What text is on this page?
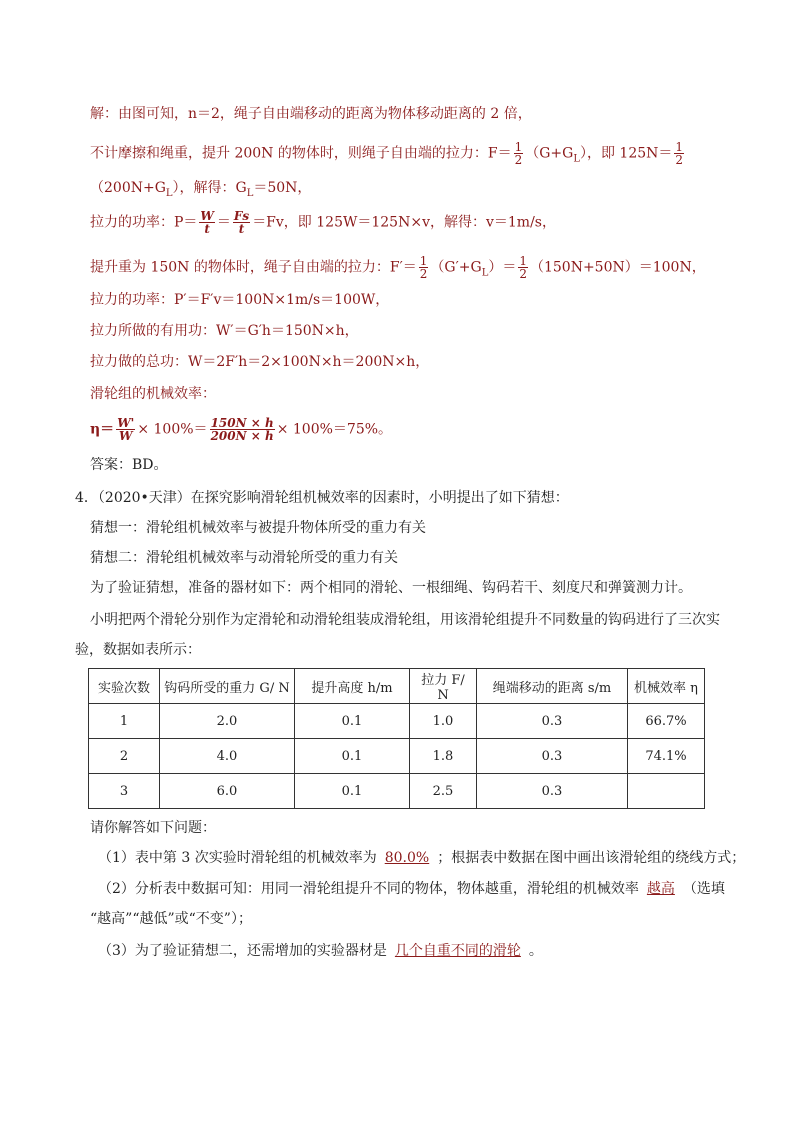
解：由图可知，n＝2，绳子自由端移动的距离为物体移动距离的 2 倍，
不计摩擦和绳重，提升 200N 的物体时，则绳子自由端的拉力：$F= \frac{1}{2} (G+G_L)$，即 $125N= \frac{1}{2}$
$(200N+G_L)$，解得：$G_L=50N$，
拉力的功率：$P= \frac{W}{t} = \frac{Fs}{t} =Fv$，即 125W＝125N×v，解得：v＝1m/s，
提升重为 150N 的物体时，绳子自由端的拉力：$F'= \frac{1}{2} (G'+G_L)= \frac{1}{2} (150N+50N)=100N$，
拉力的功率：P′＝F′v＝100N×1m/s＝100W，
拉力所做的有用功：W′＝G′h＝150N×h，
拉力做的总功：W＝2F′h＝2×100N×h＝200N×h，
滑轮组的机械效率：
$\eta= \frac{W'}{W} \times 100\%= \frac{150N \times h}{200N \times h} \times 100\%=75\%$。
答案：BD。
4．（2020•天津）在探究影响滑轮组机械效率的因素时，小明提出了如下猜想：
猜想一：滑轮组机械效率与被提升物体所受的重力有关
猜想二：滑轮组机械效率与动滑轮所受的重力有关
为了验证猜想，准备的器材如下：两个相同的滑轮、一根细绳、钩码若干、刻度尺和弹簧测力计。
小明把两个滑轮分别作为定滑轮和动滑轮组装成滑轮组，用该滑轮组提升不同数量的钩码进行了三次实
验，数据如表所示：
实验次数	钩码所受的重力 G/ N	提升高度 h/m	拉力 F/ N	绳端移动的距离 s/m	机械效率 η
1	2.0	0.1	1.0	0.3	66.7%
2	4.0	0.1	1.8	0.3	74.1%
3	6.0	0.1	2.5	0.3	
请你解答如下问题：
（1）表中第 3 次实验时滑轮组的机械效率为 80.0% ；根据表中数据在图中画出该滑轮组的绕线方式；
（2）分析表中数据可知：用同一滑轮组提升不同的物体，物体越重，滑轮组的机械效率 越高 （选填
“越高”“越低”或“不变”）；
（3）为了验证猜想二，还需增加的实验器材是 几个自重不同的滑轮 。
